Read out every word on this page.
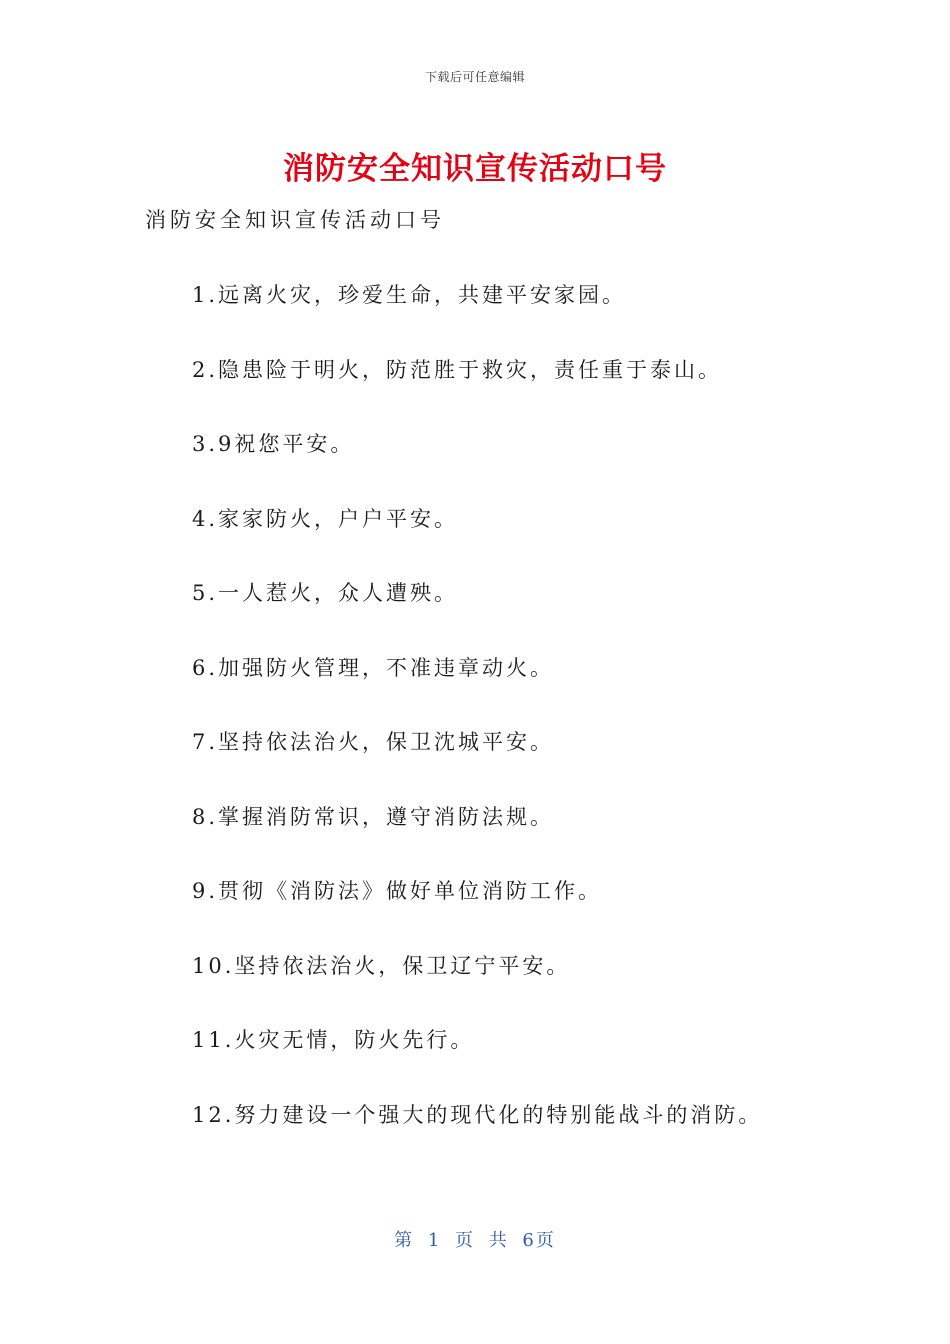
下载后可任意编辑
消防安全知识宣传活动口号
消防安全知识宣传活动口号
1.远离火灾，珍爱生命，共建平安家园。
2.隐患险于明火，防范胜于救灾，责任重于泰山。
3.9祝您平安。
4.家家防火，户户平安。
5.一人惹火，众人遭殃。
6.加强防火管理，不准违章动火。
7.坚持依法治火，保卫沈城平安。
8.掌握消防常识，遵守消防法规。
9.贯彻《消防法》做好单位消防工作。
10.坚持依法治火，保卫辽宁平安。
11.火灾无情，防火先行。
12.努力建设一个强大的现代化的特别能战斗的消防。
第 1 页 共 6页
